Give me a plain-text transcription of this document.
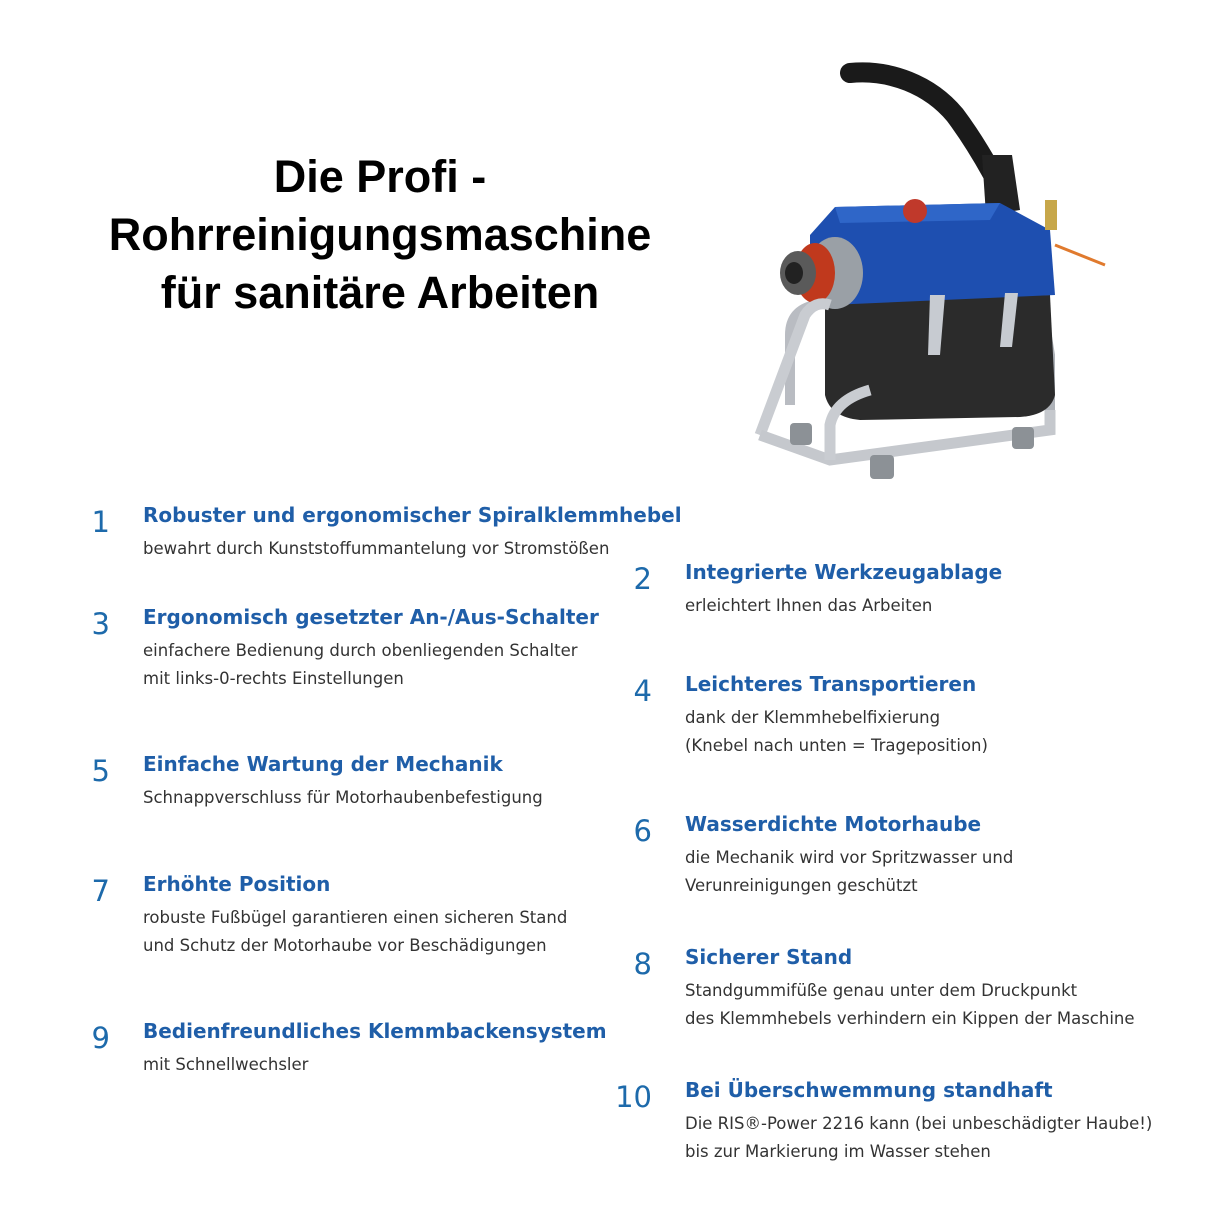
Die Profi -
Rohrreinigungsmaschine
für sanitäre Arbeiten
1 Robuster und ergonomischer Spiralklemmhebel
bewahrt durch Kunststoffummantelung vor Stromstößen
2 Integrierte Werkzeugablage
erleichtert Ihnen das Arbeiten
3 Ergonomisch gesetzter An-/Aus-Schalter
einfachere Bedienung durch obenliegenden Schalter
mit links-0-rechts Einstellungen	4 Leichteres Transportieren
dank der Klemmhebelfixierung
(Knebel nach unten = Trageposition)
5 Einfache Wartung der Mechanik
Schnappverschluss für Motorhaubenbefestigung
6 Wasserdichte Motorhaube
die Mechanik wird vor Spritzwasser und
Verunreinigungen geschützt
7 Erhöhte Position
robuste Fußbügel garantieren einen sicheren Stand
und Schutz der Motorhaube vor Beschädigungen
8 Sicherer Stand
Standgummifüße genau unter dem Druckpunkt
des Klemmhebels verhindern ein Kippen der Maschine
9 Bedienfreundliches Klemmbackensystem
mit Schnellwechsler
10 Bei Überschwemmung standhaft
Die RIS®-Power 2216 kann (bei unbeschädigter Haube!)
bis zur Markierung im Wasser stehen
